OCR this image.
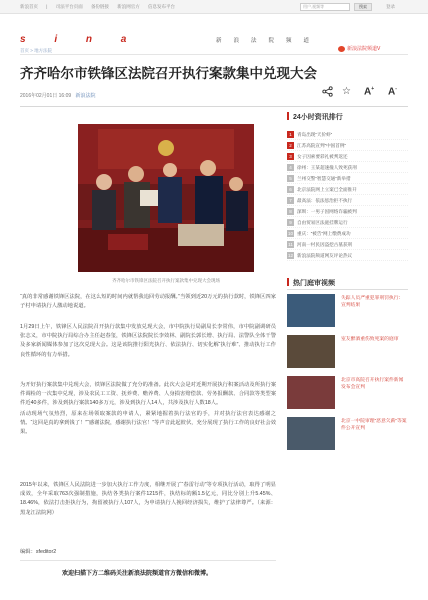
新浪首页 | 司法平台页面 备份链接 新浪网官方 信息发布平台	用户,视频等	搜索	登录
s i n a	新浪法院频道
新浪法院频道V
首页 > 地方法院
齐齐哈尔市铁锋区法院召开执行案款集中兑现大会
2016年02月01日 16:09 新浪法院	☆ A+ A-
齐齐哈尔市铁锋区法院召开执行案款集中兑现大会现场

“真的非常感谢铁锋区法院，在这么短的时间内就帮我追回劳动报酬。”当领到近20万元的执行款时，铁锋区四家子村申请执行人激动地说道。

1月29日上午，铁锋区人民法院召开执行款集中发放兑现大会，市中院执行局副局长李常伟，市中院副调研员张志义，市中院执行局综合办主任赵春玺，铁锋区法院院长李效林、副院长郭长增、执行局、法警队全体干警及多家新闻媒体参加了这次兑现大会。这是该院推行阳光执行、依法执行、切实化解“执行难”、推动执行工作良性循环的有力举措。

为开好执行案款集中兑现大会，铁锋区法院做了充分的准备。此次大会是对近期开展执行积案活动及所执行案件调检的一次集中兑现，涉及农民工工资、抚养费、赡养费、人身损害赔偿款、劳务报酬款、合同款等类型案件近40多件，涉及到执行案款140多万元，涉及到执行人14人，共涉及执行人数18人。

活动现场气氛热烈，原来在场领取案款的申请人，紧紧地握着执行法官的手，并对执行法官表达感谢之情。“这回是真的拿到钱了！”“感谢法院，感谢执行法官！”等声音此起彼伏，充分展现了执行工作的良好社会效果。

2015年以来，铁锋区人民法院进一步加大执行工作力度，相继开展了“春雷行动”等专项执行活动，取得了明显成效，全年采取763次强制措施，执结各类执行案件1215件，执结标的额1.5亿元，同比分别上升5.45%、18.46%，依法打击拒执行为，拘留被执行人107人，为申请执行人挽回经济损失，维护了法律尊严。（来源：黑龙江法院网）

编辑：sfeditor2
欢迎扫描下方二维码关注新浪法院频道官方微信和微博。
24小时资讯排行
1	青岛出现“天价虾”
2	江苏高院宣判“中国首例”
3	女子因索要彩礼被判返还
4	徐州：王某超速撞人致死获刑
5	兰州交警“智慧交通”新举措
6	北京法院网上立案已全面推开
7	最高法：依法惩治拒不执行
8	深圳：一男子因网络诈骗被判
9	自由贸易区法庭挂牌运行
10 重庆：“被告”网上缴费成功
11 河南一村民因盗挖古墓获刑
12 新浪法院频道网友评论热议
热门庭审视频
失踪人员严重犯罪刑罚执行：宣判结果
室友醉酒重伤致死案的庭审
北京市高院召开执行案件新闻发布会宣判
北京一中院审理“恶意欠薪”等案件公开宣判
